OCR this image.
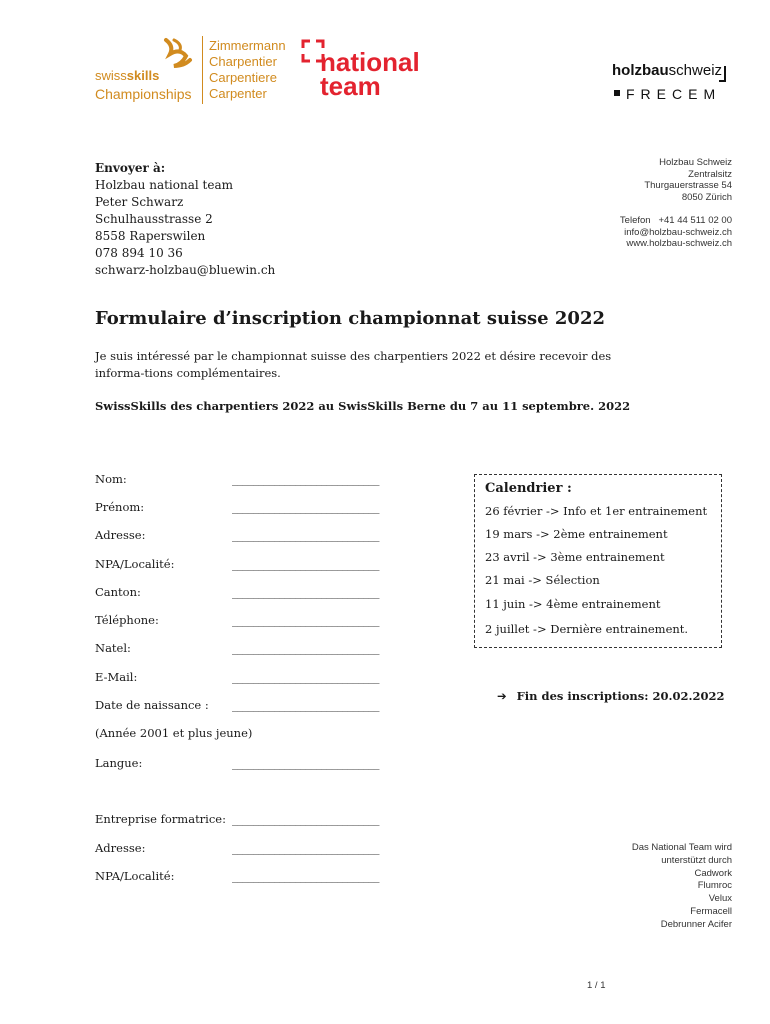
swissskills
Championships
Zimmermann
Charpentier
Carpentiere
Carpenter
national
team
holzbauschweiz
FRECEM
Envoyer à:
Holzbau national team
Peter Schwarz
Schulhausstrasse 2
8558 Raperswilen
078 894 10 36
schwarz-holzbau@bluewin.ch
Holzbau Schweiz
Zentralsitz
Thurgauerstrasse 54
8050 Zürich
Telefon   +41 44 511 02 00
info@holzbau-schweiz.ch
www.holzbau-schweiz.ch
Formulaire d’inscription championnat suisse 2022
Je suis intéressé par le championnat suisse des charpentiers 2022 et désire recevoir des informa-tions complémentaires.
SwissSkills des charpentiers 2022 au SwisSkills Berne du 7 au 11 septembre. 2022
Nom:	____________________________
Prénom:	____________________________
Adresse:	____________________________
NPA/Localité:	____________________________
Canton:	____________________________
Téléphone:	____________________________
Natel:	____________________________
E-Mail:	____________________________
Date de naissance : ____________________________
(Année 2001 et plus jeune)
Langue:	____________________________
Entreprise formatrice: ____________________________
Adresse:	____________________________
NPA/Localité:	____________________________
Calendrier :
26 février -> Info et 1er entrainement
19 mars -> 2ème entrainement
23 avril -> 3ème entrainement
21 mai -> Sélection
11 juin -> 4ème entrainement
2 juillet -> Dernière entrainement.
➔ Fin des inscriptions: 20.02.2022
Das National Team wird
unterstützt durch
Cadwork
Flumroc
Velux
Fermacell
Debrunner Acifer
1 / 1
